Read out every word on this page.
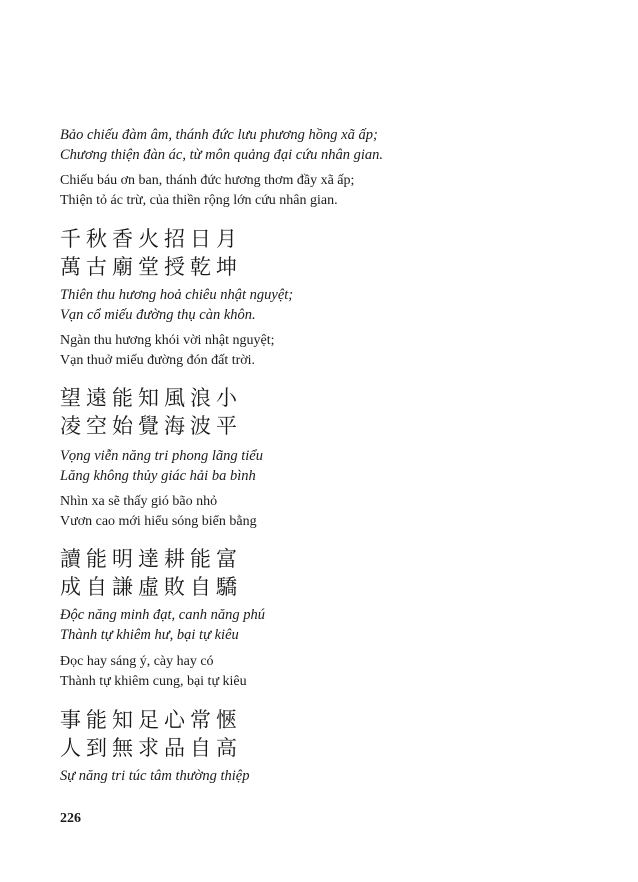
Bảo chiếu đàm âm, thánh đức lưu phương hồng xã ấp;
Chương thiện đàn ác, từ môn quảng đại cứu nhân gian.
Chiếu báu ơn ban, thánh đức hương thơm đầy xã ấp;
Thiện tỏ ác trừ, của thiền rộng lớn cứu nhân gian.
千秋香火招日月
萬古廟堂授乾坤
Thiên thu hương hoả chiêu nhật nguyệt;
Vạn cổ miếu đường thụ càn khôn.
Ngàn thu hương khói vời nhật nguyệt;
Vạn thuở miếu đường đón đất trời.
望遠能知風浪小
凌空始覺海波平
Vọng viễn năng tri phong lãng tiểu
Lăng không thủy giác hải ba bình
Nhìn xa sẽ thấy gió bão nhỏ
Vươn cao mới hiểu sóng biển bằng
讀能明達耕能富
成自謙虛敗自驕
Độc năng minh đạt, canh năng phú
Thành tự khiêm hư, bại tự kiêu
Đọc hay sáng ý, cày hay có
Thành tự khiêm cung, bại tự kiêu
事能知足心常愜
人到無求品自高
Sự năng tri túc tâm thường thiệp
226
